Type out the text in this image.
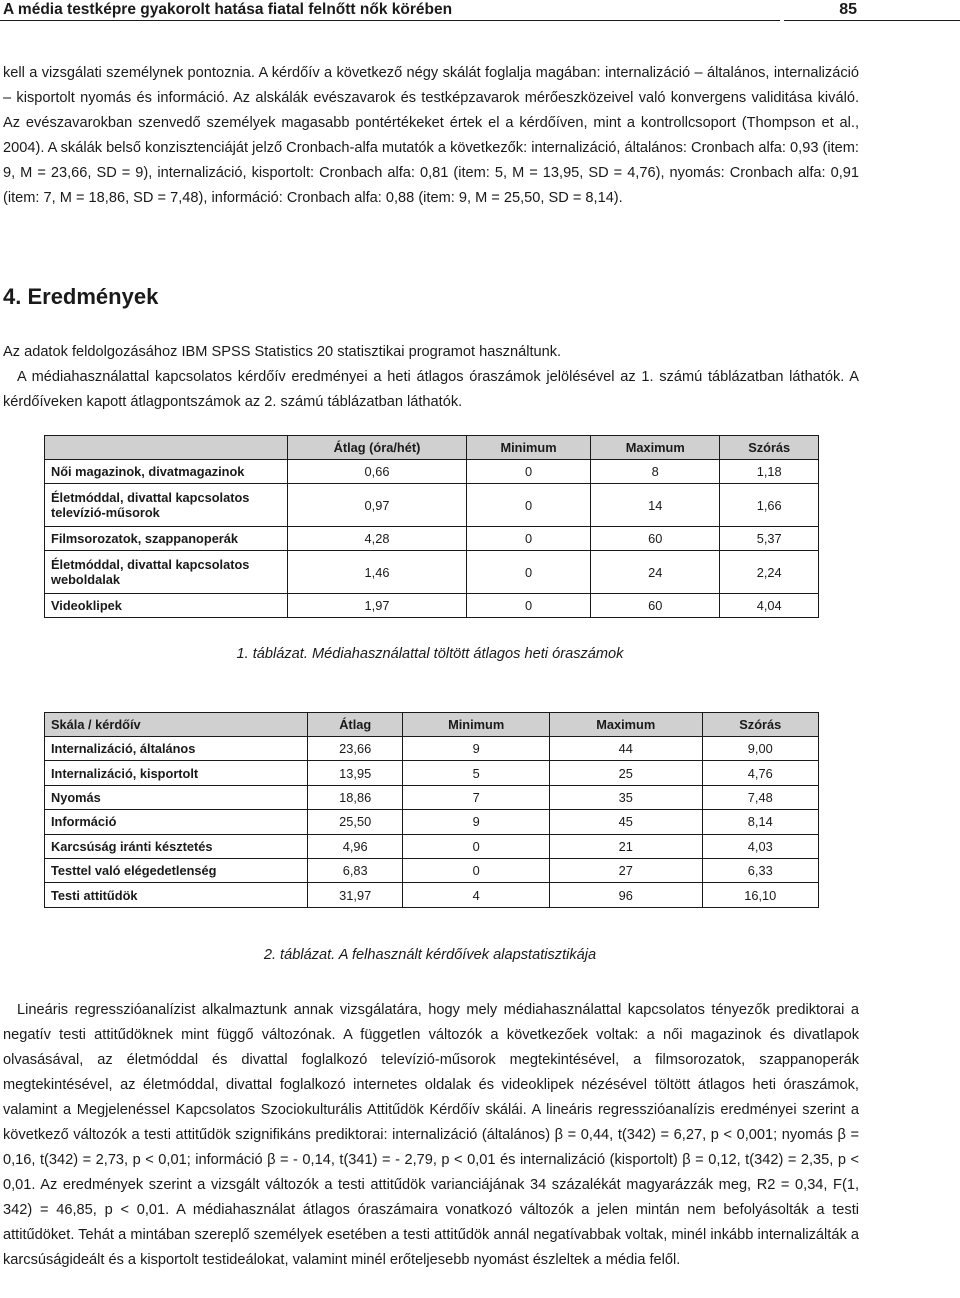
A média testképre gyakorolt hatása fiatal felnőtt nők körében	85
kell a vizsgálati személynek pontoznia. A kérdőív a következő négy skálát foglalja magában: internalizáció – általános, internalizáció – kisportolt nyomás és információ. Az alskálák evészavarok és testképzavarok mérőeszközeivel való konvergens validitása kiváló. Az evészavarokban szenvedő személyek magasabb pontértékeket értek el a kérdőíven, mint a kontrollcsoport (Thompson et al., 2004). A skálák belső konzisztenciáját jelző Cronbach-alfa mutatók a következők: internalizáció, általános: Cronbach alfa: 0,93 (item: 9, M = 23,66, SD = 9), internalizáció, kisportolt: Cronbach alfa: 0,81 (item: 5, M = 13,95, SD = 4,76), nyomás: Cronbach alfa: 0,91 (item: 7, M = 18,86, SD = 7,48), információ: Cronbach alfa: 0,88 (item: 9, M = 25,50, SD = 8,14).
4. Eredmények
Az adatok feldolgozásához IBM SPSS Statistics 20 statisztikai programot használtunk.
A médiahasználattal kapcsolatos kérdőív eredményei a heti átlagos óraszámok jelölésével az 1. számú táblázatban láthatók. A kérdőíveken kapott átlagpontszámok az 2. számú táblázatban láthatók.
	Átlag (óra/hét)	Minimum	Maximum	Szórás
Női magazinok, divatmagazinok	0,66	0	8	1,18
Életmóddal, divattal kapcsolatos televízió-műsorok	0,97	0	14	1,66
Filmsorozatok, szappanoperák	4,28	0	60	5,37
Életmóddal, divattal kapcsolatos weboldalak	1,46	0	24	2,24
Videoklipek	1,97	0	60	4,04
1. táblázat. Médiahasználattal töltött átlagos heti óraszámok
Skála / kérdőív	Átlag	Minimum	Maximum	Szórás
Internalizáció, általános	23,66	9	44	9,00
Internalizáció, kisportolt	13,95	5	25	4,76
Nyomás	18,86	7	35	7,48
Információ	25,50	9	45	8,14
Karcsúság iránti késztetés	4,96	0	21	4,03
Testtel való elégedetlenség	6,83	0	27	6,33
Testi attitűdök	31,97	4	96	16,10
2. táblázat. A felhasznált kérdőívek alapstatisztikája
Lineáris regresszióanalízist alkalmaztunk annak vizsgálatára, hogy mely médiahasználattal kapcsolatos tényezők prediktorai a negatív testi attitűdöknek mint függő változónak. A független változók a következőek voltak: a női magazinok és divatlapok olvasásával, az életmóddal és divattal foglalkozó televízió-műsorok megtekintésével, a filmsorozatok, szappanoperák megtekintésével, az életmóddal, divattal foglalkozó internetes oldalak és videoklipek nézésével töltött átlagos heti óraszámok, valamint a Megjelenéssel Kapcsolatos Szociokulturális Attitűdök Kérdőív skálái. A lineáris regresszióanalízis eredményei szerint a következő változók a testi attitűdök szignifikáns prediktorai: internalizáció (általános) β = 0,44, t(342) = 6,27, p < 0,001; nyomás β = 0,16, t(342) = 2,73, p < 0,01; információ β = - 0,14, t(341) = - 2,79, p < 0,01 és internalizáció (kisportolt) β = 0,12, t(342) = 2,35, p < 0,01. Az eredmények szerint a vizsgált változók a testi attitűdök varianciájának 34 százalékát magyarázzák meg, R2 = 0,34, F(1, 342) = 46,85, p < 0,01. A médiahasználat átlagos óraszámaira vonatkozó változók a jelen mintán nem befolyásolták a testi attitűdöket. Tehát a mintában szereplő személyek esetében a testi attitűdök annál negatívabbak voltak, minél inkább internalizálták a karcsúságideált és a kisportolt testideálokat, valamint minél erőteljesebb nyomást észleltek a média felől.
